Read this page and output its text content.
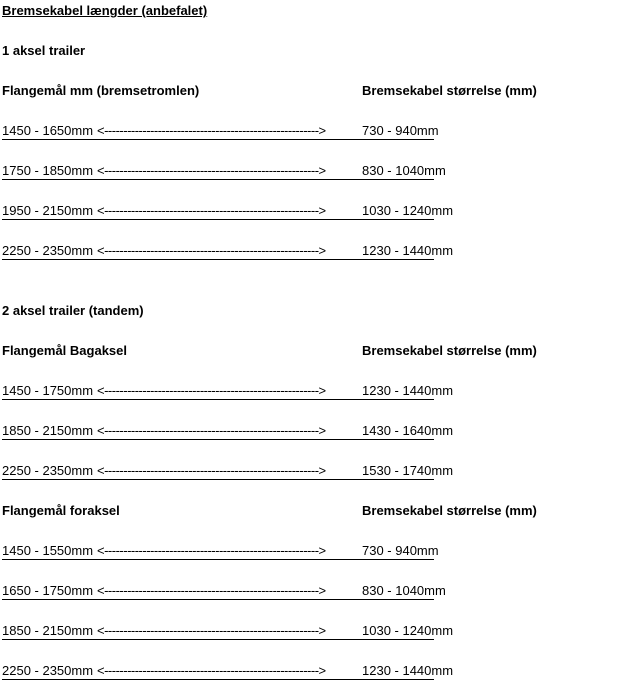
Bremsekabel længder (anbefalet)
1 aksel trailer
Flangemål mm (bremsetromlen)	Bremsekabel størrelse (mm)
1450 - 1650mm <-------------------------------------------------------->	730 - 940mm
1750 - 1850mm <-------------------------------------------------------->	830 - 1040mm
1950 - 2150mm <-------------------------------------------------------->	1030 - 1240mm
2250 - 2350mm <-------------------------------------------------------->	1230 - 1440mm
2 aksel trailer (tandem)
Flangemål Bagaksel	Bremsekabel størrelse (mm)
1450 - 1750mm <-------------------------------------------------------->	1230 - 1440mm
1850 - 2150mm <-------------------------------------------------------->	1430 - 1640mm
2250 - 2350mm <-------------------------------------------------------->	1530 - 1740mm
Flangemål foraksel	Bremsekabel størrelse (mm)
1450 - 1550mm <-------------------------------------------------------->	730 - 940mm
1650 - 1750mm <-------------------------------------------------------->	830 - 1040mm
1850 - 2150mm <-------------------------------------------------------->	1030 - 1240mm
2250 - 2350mm <-------------------------------------------------------->	1230 - 1440mm
